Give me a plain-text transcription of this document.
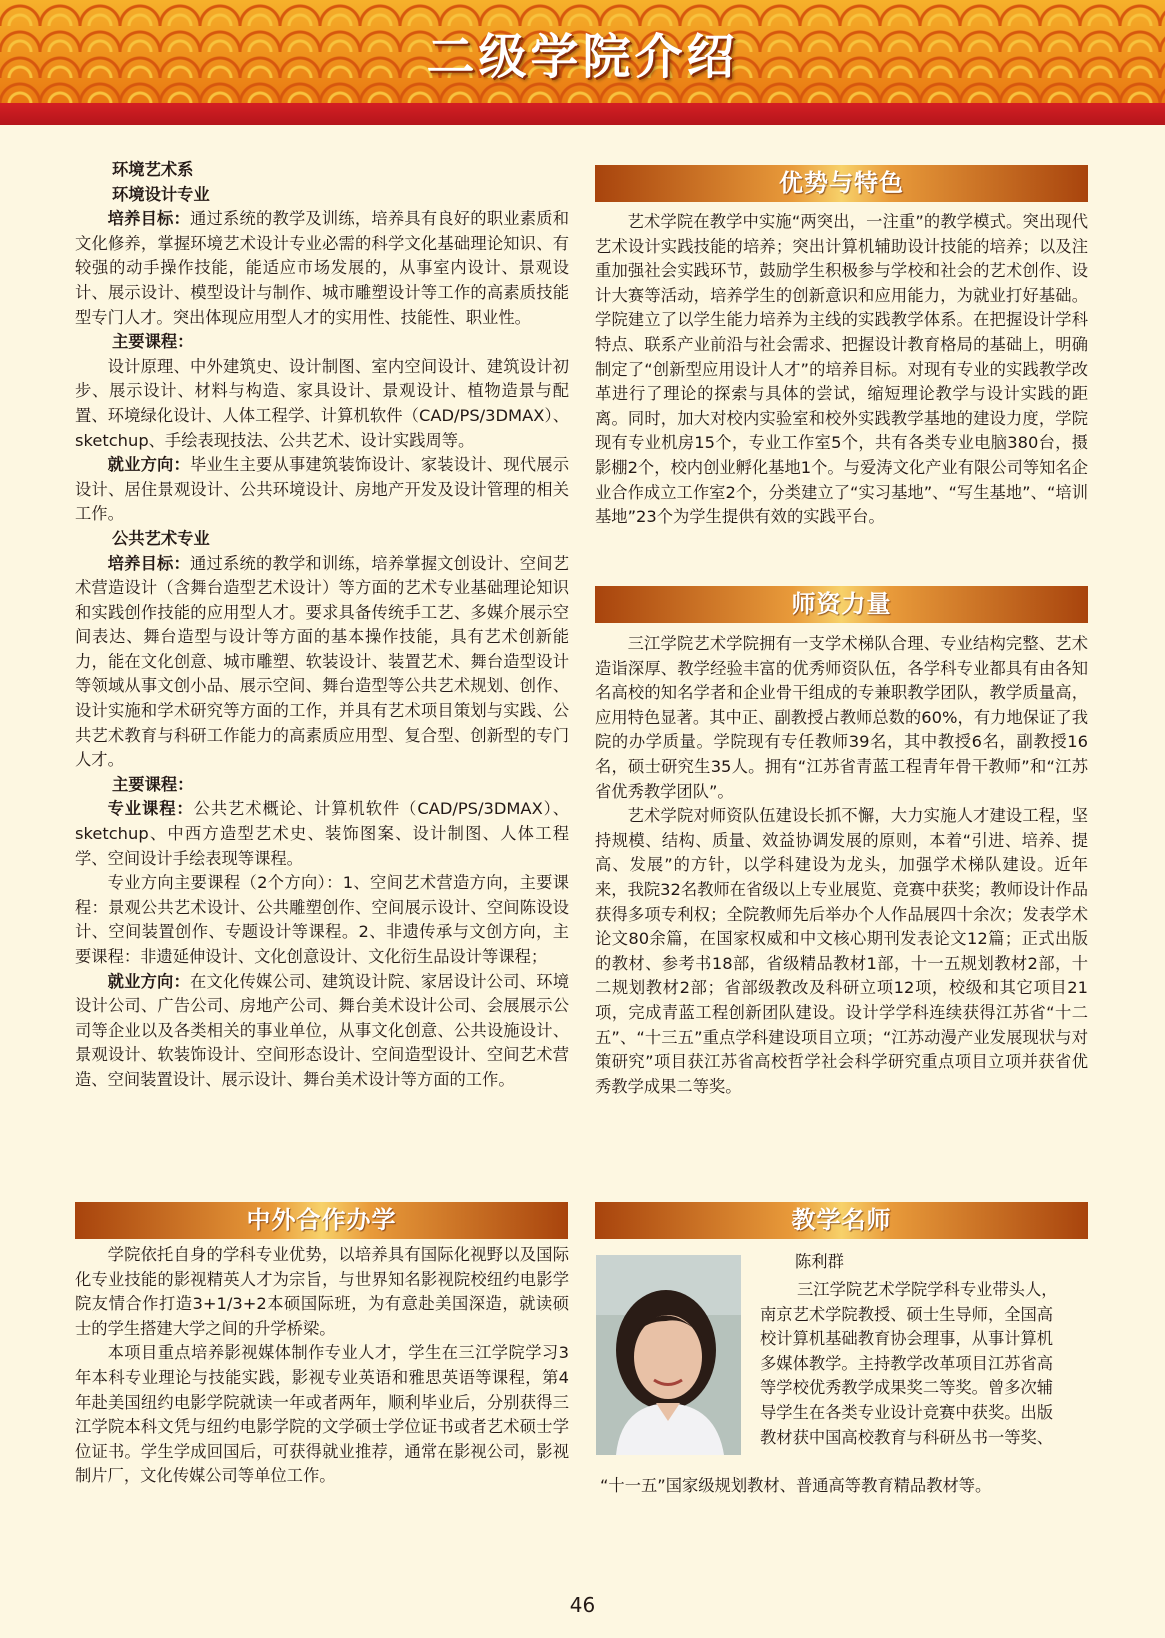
二级学院介绍

环境艺术系

环境设计专业

培养目标：通过系统的教学及训练，培养具有良好的职业素质和文化修养，掌握环境艺术设计专业必需的科学文化基础理论知识、有较强的动手操作技能，能适应市场发展的，从事室内设计、景观设计、展示设计、模型设计与制作、城市雕塑设计等工作的高素质技能型专门人才。突出体现应用型人才的实用性、技能性、职业性。

主要课程：

设计原理、中外建筑史、设计制图、室内空间设计、建筑设计初步、展示设计、材料与构造、家具设计、景观设计、植物造景与配置、环境绿化设计、人体工程学、计算机软件（CAD/PS/3DMAX）、sketchup、手绘表现技法、公共艺术、设计实践周等。

就业方向：毕业生主要从事建筑装饰设计、家装设计、现代展示设计、居住景观设计、公共环境设计、房地产开发及设计管理的相关工作。

公共艺术专业

培养目标：通过系统的教学和训练，培养掌握文创设计、空间艺术营造设计（含舞台造型艺术设计）等方面的艺术专业基础理论知识和实践创作技能的应用型人才。要求具备传统手工艺、多媒介展示空间表达、舞台造型与设计等方面的基本操作技能，具有艺术创新能力，能在文化创意、城市雕塑、软装设计、装置艺术、舞台造型设计等领域从事文创小品、展示空间、舞台造型等公共艺术规划、创作、设计实施和学术研究等方面的工作，并具有艺术项目策划与实践、公共艺术教育与科研工作能力的高素质应用型、复合型、创新型的专门人才。

主要课程：

专业课程：公共艺术概论、计算机软件（CAD/PS/3DMAX）、sketchup、中西方造型艺术史、装饰图案、设计制图、人体工程学、空间设计手绘表现等课程。

专业方向主要课程（2个方向）：1、空间艺术营造方向，主要课程：景观公共艺术设计、公共雕塑创作、空间展示设计、空间陈设设计、空间装置创作、专题设计等课程。2、非遗传承与文创方向，主要课程：非遗延伸设计、文化创意设计、文化衍生品设计等课程；

就业方向：在文化传媒公司、建筑设计院、家居设计公司、环境设计公司、广告公司、房地产公司、舞台美术设计公司、会展展示公司等企业以及各类相关的事业单位，从事文化创意、公共设施设计、景观设计、软装饰设计、空间形态设计、空间造型设计、空间艺术营造、空间装置设计、展示设计、舞台美术设计等方面的工作。

中外合作办学

学院依托自身的学科专业优势，以培养具有国际化视野以及国际化专业技能的影视精英人才为宗旨，与世界知名影视院校纽约电影学院友情合作打造3+1/3+2本硕国际班，为有意赴美国深造，就读硕士的学生搭建大学之间的升学桥梁。

本项目重点培养影视媒体制作专业人才，学生在三江学院学习3年本科专业理论与技能实践，影视专业英语和雅思英语等课程，第4年赴美国纽约电影学院就读一年或者两年，顺利毕业后，分别获得三江学院本科文凭与纽约电影学院的文学硕士学位证书或者艺术硕士学位证书。学生学成回国后，可获得就业推荐，通常在影视公司，影视制片厂，文化传媒公司等单位工作。

优势与特色

艺术学院在教学中实施“两突出，一注重”的教学模式。突出现代艺术设计实践技能的培养；突出计算机辅助设计技能的培养；以及注重加强社会实践环节，鼓励学生积极参与学校和社会的艺术创作、设计大赛等活动，培养学生的创新意识和应用能力，为就业打好基础。学院建立了以学生能力培养为主线的实践教学体系。在把握设计学科特点、联系产业前沿与社会需求、把握设计教育格局的基础上，明确制定了“创新型应用设计人才”的培养目标。对现有专业的实践教学改革进行了理论的探索与具体的尝试，缩短理论教学与设计实践的距离。同时，加大对校内实验室和校外实践教学基地的建设力度，学院现有专业机房15个，专业工作室5个，共有各类专业电脑380台，摄影棚2个，校内创业孵化基地1个。与爱涛文化产业有限公司等知名企业合作成立工作室2个，分类建立了“实习基地”、“写生基地”、“培训基地”23个为学生提供有效的实践平台。

师资力量

三江学院艺术学院拥有一支学术梯队合理、专业结构完整、艺术造诣深厚、教学经验丰富的优秀师资队伍，各学科专业都具有由各知名高校的知名学者和企业骨干组成的专兼职教学团队，教学质量高，应用特色显著。其中正、副教授占教师总数的60%，有力地保证了我院的办学质量。学院现有专任教师39名，其中教授6名，副教授16名，硕士研究生35人。拥有“江苏省青蓝工程青年骨干教师”和“江苏省优秀教学团队”。

艺术学院对师资队伍建设长抓不懈，大力实施人才建设工程，坚持规模、结构、质量、效益协调发展的原则，本着“引进、培养、提高、发展”的方针，以学科建设为龙头，加强学术梯队建设。近年来，我院32名教师在省级以上专业展览、竞赛中获奖；教师设计作品获得多项专利权；全院教师先后举办个人作品展四十余次；发表学术论文80余篇，在国家权威和中文核心期刊发表论文12篇；正式出版的教材、参考书18部，省级精品教材1部，十一五规划教材2部，十二规划教材2部；省部级教改及科研立项12项，校级和其它项目21项，完成青蓝工程创新团队建设。设计学学科连续获得江苏省“十二五”、“十三五”重点学科建设项目立项；“江苏动漫产业发展现状与对策研究”项目获江苏省高校哲学社会科学研究重点项目立项并获省优秀教学成果二等奖。

教学名师
陈利群
三江学院艺术学院学科专业带头人，
南京艺术学院教授、硕士生导师，全国高
校计算机基础教育协会理事，从事计算机
多媒体教学。主持教学改革项目江苏省高
等学校优秀教学成果奖二等奖。曾多次辅
导学生在各类专业设计竞赛中获奖。出版
教材获中国高校教育与科研丛书一等奖、
“十一五”国家级规划教材、普通高等教育精品教材等。
46
